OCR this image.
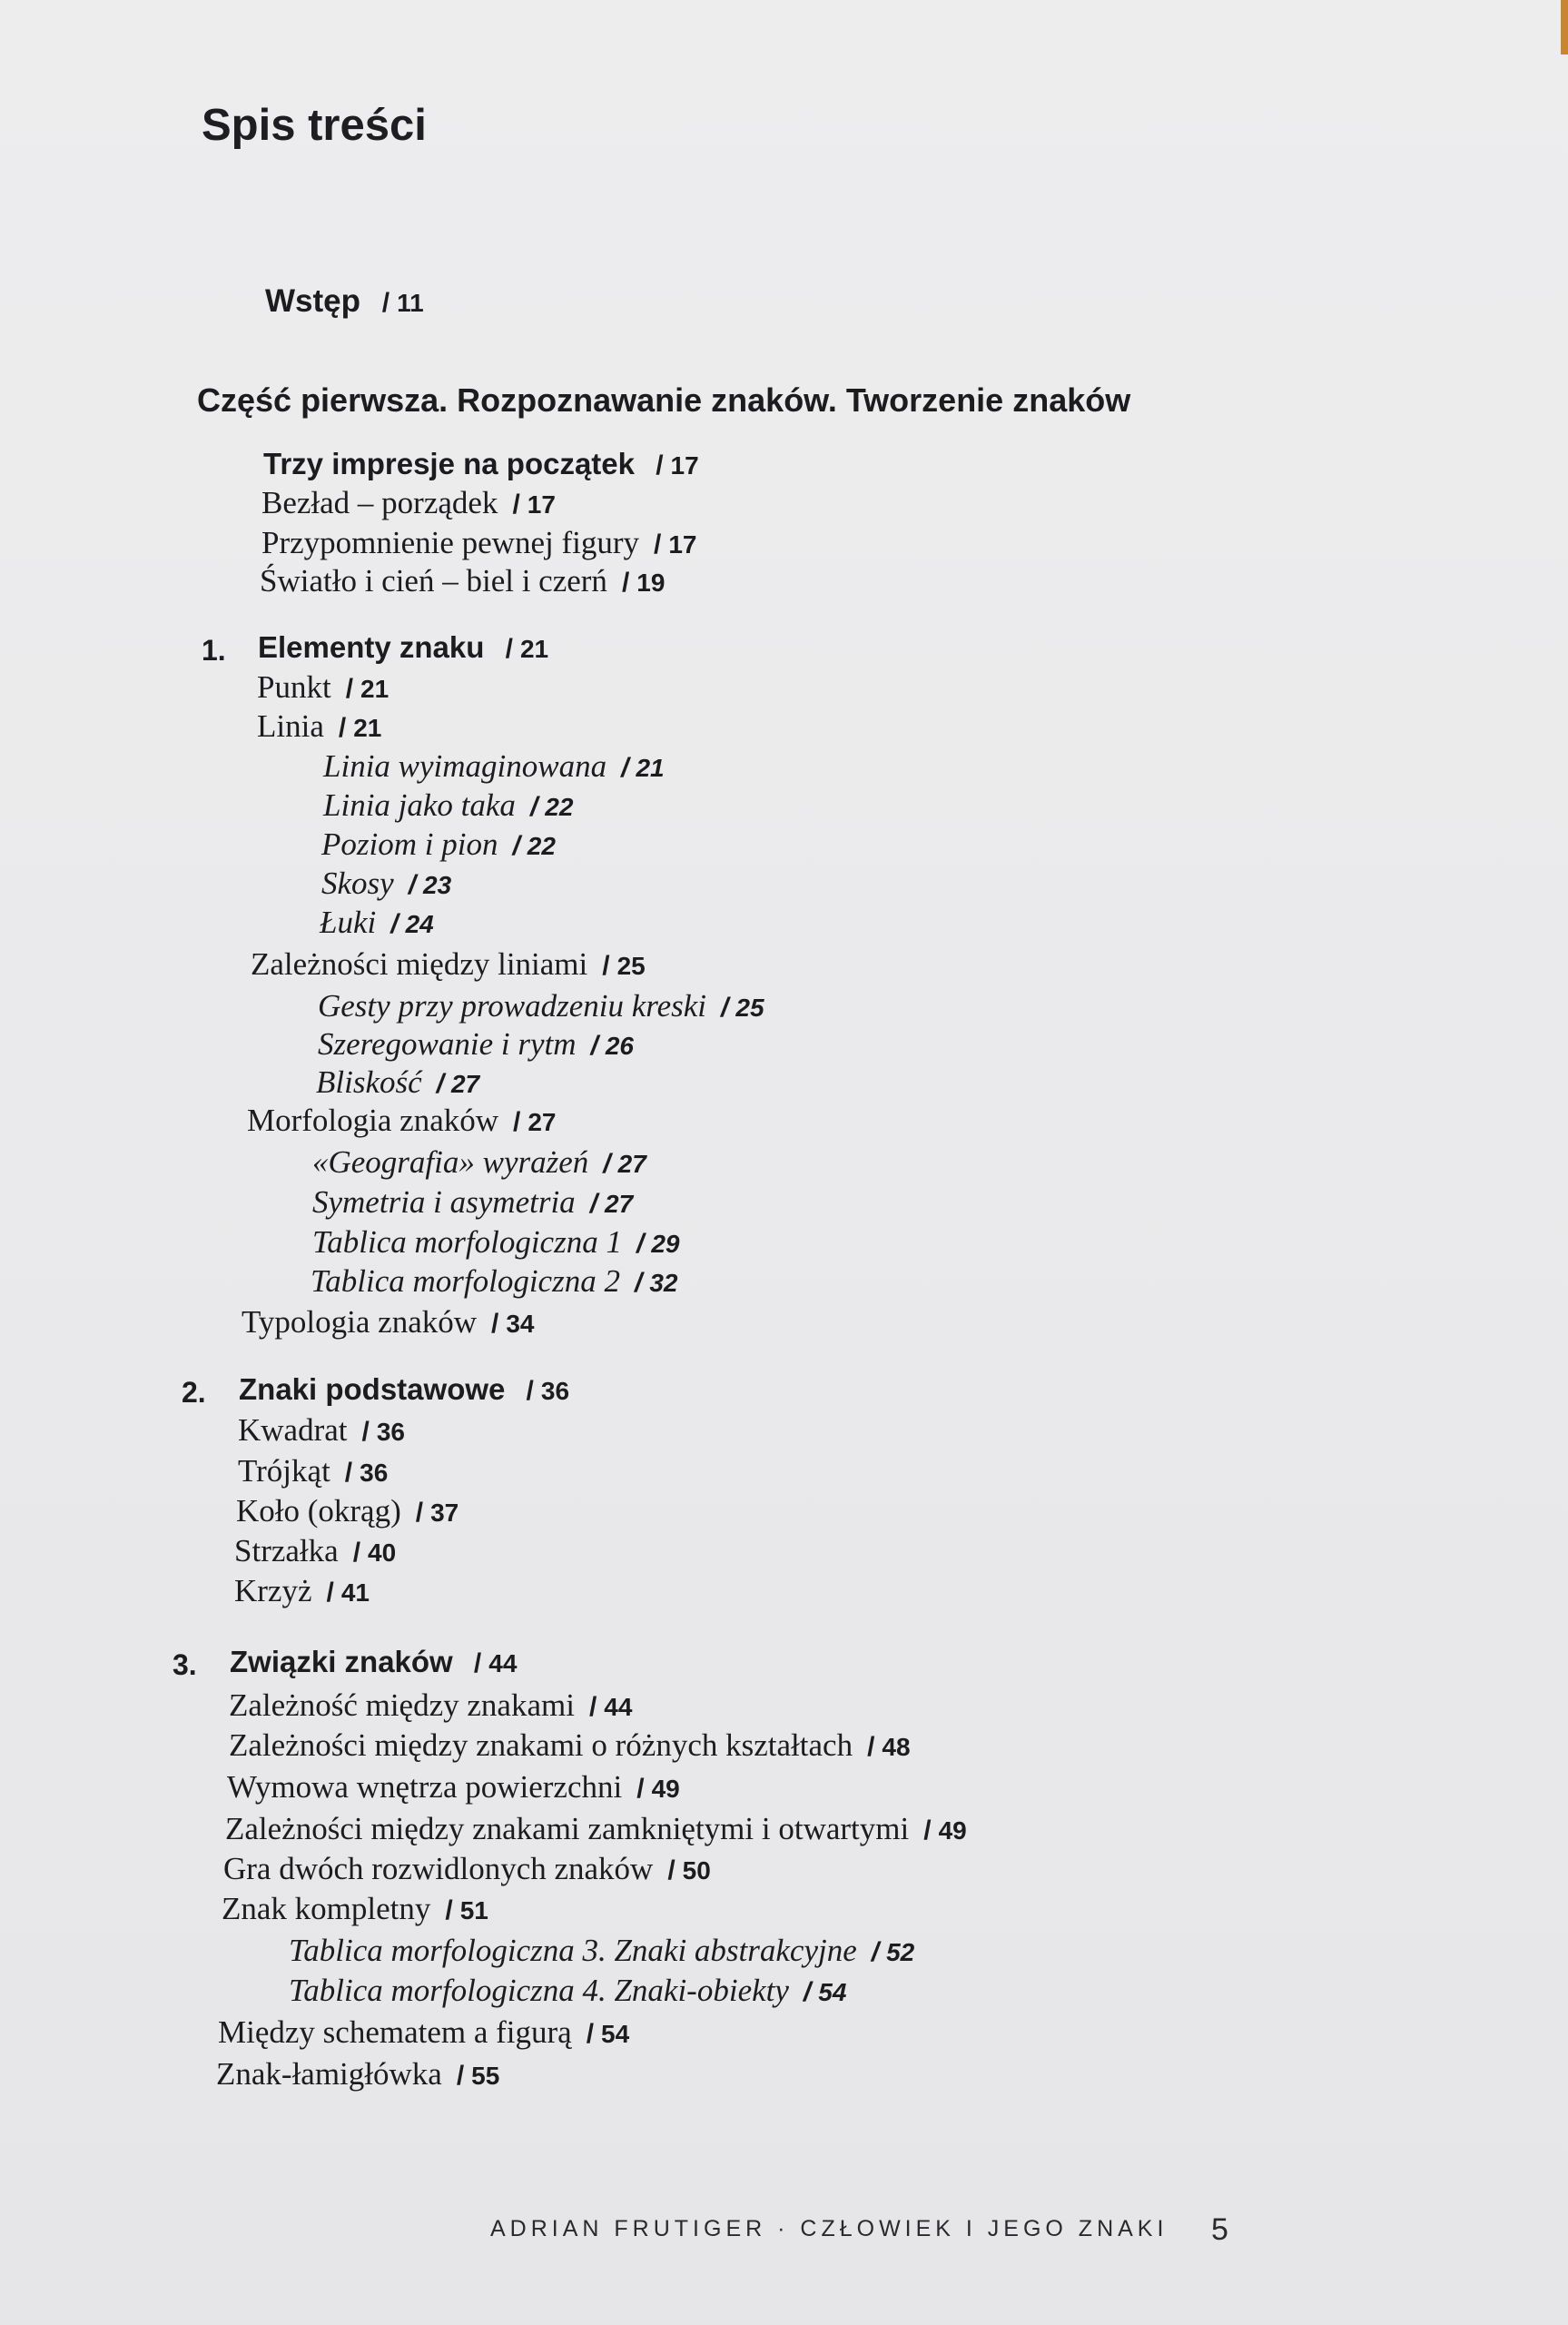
Spis treści
Wstęp / 11
Część pierwsza. Rozpoznawanie znaków. Tworzenie znaków
Trzy impresje na początek / 17
Bezład – porządek / 17
Przypomnienie pewnej figury / 17
Światło i cień – biel i czerń / 19
1. Elementy znaku / 21
Punkt / 21
Linia / 21
Linia wyimaginowana / 21
Linia jako taka / 22
Poziom i pion / 22
Skosy / 23
Łuki / 24
Zależności między liniami / 25
Gesty przy prowadzeniu kreski / 25
Szeregowanie i rytm / 26
Bliskość / 27
Morfologia znaków / 27
«Geografia» wyrażeń / 27
Symetria i asymetria / 27
Tablica morfologiczna 1 / 29
Tablica morfologiczna 2 / 32
Typologia znaków / 34
2. Znaki podstawowe / 36
Kwadrat / 36
Trójkąt / 36
Koło (okrąg) / 37
Strzałka / 40
Krzyż / 41
3. Związki znaków / 44
Zależność między znakami / 44
Zależności między znakami o różnych kształtach / 48
Wymowa wnętrza powierzchni / 49
Zależności między znakami zamkniętymi i otwartymi / 49
Gra dwóch rozwidlonych znaków / 50
Znak kompletny / 51
Tablica morfologiczna 3. Znaki abstrakcyjne / 52
Tablica morfologiczna 4. Znaki-obiekty / 54
Między schematem a figurą / 54
Znak-łamigłówka / 55
ADRIAN FRUTIGER · CZŁOWIEK I JEGO ZNAKI 5
